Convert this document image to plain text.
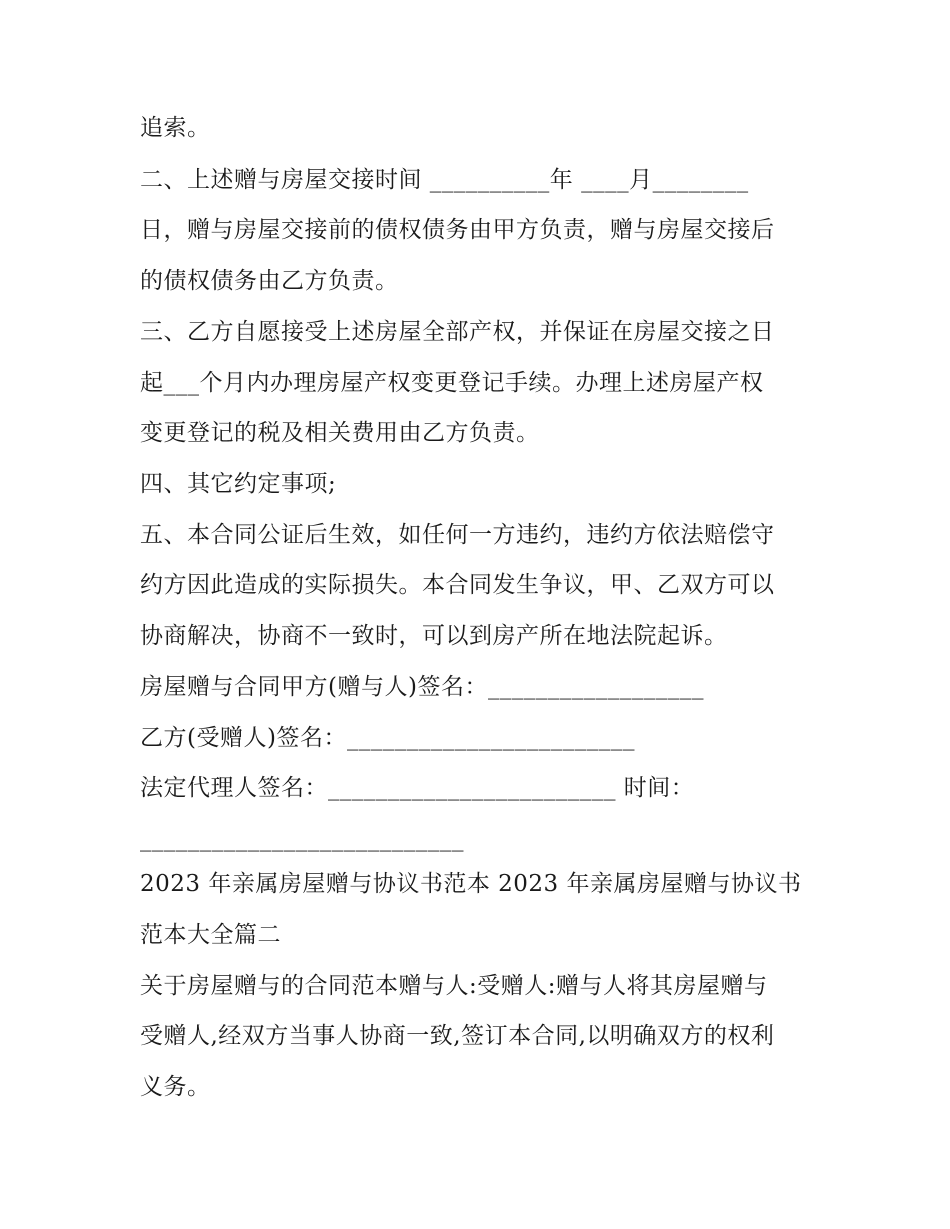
追索。
二、上述赠与房屋交接时间 __________年 ____月________
日，赠与房屋交接前的债权债务由甲方负责，赠与房屋交接后
的债权债务由乙方负责。
三、乙方自愿接受上述房屋全部产权，并保证在房屋交接之日
起___个月内办理房屋产权变更登记手续。办理上述房屋产权
变更登记的税及相关费用由乙方负责。
四、其它约定事项;
五、本合同公证后生效，如任何一方违约，违约方依法赔偿守
约方因此造成的实际损失。本合同发生争议，甲、乙双方可以
协商解决，协商不一致时，可以到房产所在地法院起诉。
房屋赠与合同甲方(赠与人)签名：__________________
乙方(受赠人)签名：________________________
法定代理人签名：________________________ 时间：
___________________________
2023 年亲属房屋赠与协议书范本 2023 年亲属房屋赠与协议书
范本大全篇二
关于房屋赠与的合同范本赠与人:受赠人:赠与人将其房屋赠与
受赠人,经双方当事人协商一致,签订本合同,以明确双方的权利
义务。
